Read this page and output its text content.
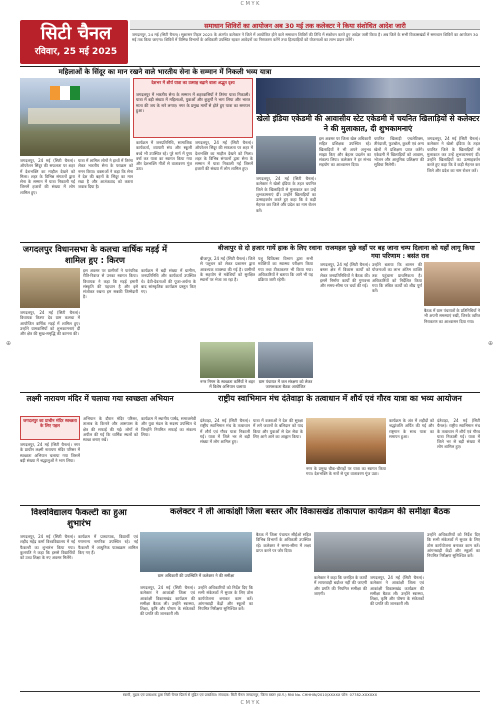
C M Y K
C M Y K
⊕
⊕
सिटी चैनल
रविवार, 25 मई 2025
समाधान शिविरों का आयोजन अब 30 मई तक कलेक्टर ने किया संशोधित आदेश जारी
जगदलपुर, 24 मई (सिटी चैनल)। सुशासन तिहार 2025 के अंतर्गत कलेक्टर ने जिले में आयोजित होने वाले समाधान शिविरों की तिथि में संशोधन करते हुए आदेश जारी किया है। अब जिले के सभी विकासखंडों में समाधान शिविरों का आयोजन 30 मई तक किया जाएगा। शिविरों में विभिन्न विभागों के अधिकारी उपस्थित रहकर आवेदनों का निराकरण करेंगे तथा हितग्राहियों को योजनाओं का लाभ प्रदान करेंगे।
महिलाओं के सिंदूर का मान रखने वाले भारतीय सेना के सम्मान में निकली भव्य यात्रा
देशभर में शौर्य यात्रा का उत्साह बढ़ाने वाला अद्भुत दृश्य
जगदलपुर में भारतीय सेना के सम्मान में शहरवासियों ने तिरंगा यात्रा निकाली। यात्रा में बड़ी संख्या में महिलाओं, युवाओं और बुजुर्गों ने भाग लिया और भारत माता की जय के नारे लगाए। नगर के प्रमुख मार्गों से होते हुए यात्रा का समापन हुआ।
जगदलपुर, 24 मई (सिटी चैनल)। ऑपरेशन सिंदूर की सफलता पर शहर में देशभक्ति का माहौल देखने को मिला। शहर के विभिन्न संगठनों द्वारा सेना के सम्मान में यात्रा निकाली गई जिसमें हजारों की संख्या में लोग शामिल हुए।
यात्रा में शामिल लोगों ने हाथों में तिरंगा लेकर भारतीय सेना के पराक्रम को नमन किया। वक्ताओं ने कहा कि सेना ने देश की बहनों के सिंदूर का मान रखा है और आतंकवाद को करारा जवाब दिया है।
कार्यक्रम में जनप्रतिनिधि, सामाजिक कार्यकर्ता, व्यापारी संघ और स्कूली बच्चे भी उपस्थित रहे। पूरे मार्ग में पुष्प वर्षा कर यात्रा का स्वागत किया गया और देशभक्ति गीतों से वातावरण गूंज उठा।
जगदलपुर, 24 मई (सिटी चैनल)। ऑपरेशन सिंदूर की सफलता पर शहर में देशभक्ति का माहौल देखने को मिला। शहर के विभिन्न संगठनों द्वारा सेना के सम्मान में यात्रा निकाली गई जिसमें हजारों की संख्या में लोग शामिल हुए।
खेलो इंडिया एकेडमी की आवासीय स्टेट एकेडमी में चयनित खिलाड़ियों से कलेक्टर ने की मुलाकात, दी शुभकामनाएं
जगदलपुर, 24 मई (सिटी चैनल)। कलेक्टर ने खेलो इंडिया के तहत चयनित जिले के खिलाड़ियों से मुलाकात कर उन्हें शुभकामनाएं दीं। उन्होंने खिलाड़ियों का उत्साहवर्धन करते हुए कहा कि वे कड़ी मेहनत कर जिले और प्रदेश का नाम रोशन करें।
इस अवसर पर जिला खेल अधिकारी सहित प्रशिक्षक उपस्थित रहे। खिलाड़ियों ने भी अपने अनुभव साझा किए और बेहतर प्रदर्शन का संकल्प लिया। कलेक्टर ने हर संभव सहयोग का आश्वासन दिया।
चयनित खिलाड़ी एथलेटिक्स, तीरंदाजी, फुटबॉल, कुश्ती एवं अन्य खेलों में प्रशिक्षण प्राप्त करेंगे। एकेडमी में खिलाड़ियों को आवास, भोजन और आधुनिक प्रशिक्षण की सुविधा मिलेगी।
जगदलपुर, 24 मई (सिटी चैनल)। कलेक्टर ने खेलो इंडिया के तहत चयनित जिले के खिलाड़ियों से मुलाकात कर उन्हें शुभकामनाएं दीं। उन्होंने खिलाड़ियों का उत्साहवर्धन करते हुए कहा कि वे कड़ी मेहनत कर जिले और प्रदेश का नाम रोशन करें।
जगदलपुर विधानसभा के कलचा वार्षिक मड़ई में शामिल हुए : किरण
जगदलपुर, 24 मई (सिटी चैनल)। विधायक किरण देव ग्राम कलचा में आयोजित वार्षिक मड़ई में शामिल हुए। उन्होंने ग्रामवासियों को शुभकामनाएं दीं और क्षेत्र की सुख-समृद्धि की कामना की।
इस अवसर पर ग्रामीणों ने पारंपरिक रीति-रिवाज से उनका स्वागत किया। विधायक ने कहा कि मड़ई हमारी संस्कृति की पहचान है और इसे संजोकर रखना हम सबकी जिम्मेदारी है।
कार्यक्रम में बड़ी संख्या में ग्रामीण, जनप्रतिनिधि और कार्यकर्ता उपस्थित थे। देवी-देवताओं की पूजा-अर्चना के बाद सांस्कृतिक कार्यक्रम प्रस्तुत किए गए।
बीजापुर से दो हजार गायें हाक के लिए रवाना
बीजापुर, 24 मई (सिटी चैनल)। जिले से पशुधन को लेकर प्रशासन द्वारा आवश्यक व्यवस्था की गई है। ग्रामीणों के सहयोग से मवेशियों को सुरक्षित स्थानों पर भेजा जा रहा है।
पशु चिकित्सा विभाग द्वारा सभी मवेशियों का स्वास्थ्य परीक्षण किया गया तथा टीकाकरण भी किया गया। अधिकारियों ने बताया कि आगे भी यह प्रक्रिया जारी रहेगी।
नगर निगम के स्वच्छता कर्मियों ने शहर में विशेष अभियान चलाया
ग्राम पंचायत में जल संरक्षण को लेकर जागरूकता बैठक आयोजित
राजमहल पूछे वहाँ पर बह जाना चम्प दिलाना को यहाँ लागू किया गया परिणाम : बसंत राव
जगदलपुर, 24 मई (सिटी चैनल)। बस्तर क्षेत्र में विकास कार्यों को लेकर जनप्रतिनिधियों ने बैठक की। इसमें निर्माण कार्यों की गुणवत्ता और समय-सीमा पर चर्चा की गई।
उन्होंने बताया कि शासन की योजनाओं का लाभ अंतिम व्यक्ति तक पहुंचाना प्राथमिकता है। अधिकारियों को निर्देशित किया गया कि लंबित कार्यों को शीघ्र पूर्ण करें।
बैठक में ग्राम पंचायतों के प्रतिनिधियों ने भी अपनी समस्याएं रखीं, जिनके त्वरित निराकरण का आश्वासन दिया गया।
लक्ष्मी नारायण मंदिर में चलाया गया स्वच्छता अभियान
जगदलपुर का प्राचीन मंदिर स्वच्छता के लिए पहल
जगदलपुर, 24 मई (सिटी चैनल)। नगर के प्राचीन लक्ष्मी नारायण मंदिर परिसर में स्वच्छता अभियान चलाया गया जिसमें बड़ी संख्या में श्रद्धालुओं ने भाग लिया।
अभियान के दौरान मंदिर परिसर, तालाब के किनारे और आसपास के क्षेत्र की सफाई की गई। लोगों से अपील की गई कि धार्मिक स्थलों को स्वच्छ बनाए रखें।
कार्यक्रम में स्थानीय पार्षद, समाजसेवी और युवा मंडल के सदस्य उपस्थित थे जिन्होंने नियमित सफाई का संकल्प लिया।
राष्ट्रीय स्वाभिमान मंच दंतेवाड़ा के तत्वाधान में शौर्य एवं गौरव यात्रा का भव्य आयोजन
दंतेवाड़ा, 24 मई (सिटी चैनल)। राष्ट्रीय स्वाभिमान मंच के तत्वाधान में शौर्य एवं गौरव यात्रा निकाली गई। यात्रा में जिले भर से बड़ी संख्या में लोग शामिल हुए।
यात्रा में वक्ताओं ने देश की सुरक्षा में लगे जवानों के बलिदान को याद किया और युवाओं से देश सेवा के लिए आगे आने का आह्वान किया।
नगर के प्रमुख चौक-चौराहों पर यात्रा का स्वागत किया गया। देशभक्ति के नारों से पूरा वातावरण गूंज उठा।
कार्यक्रम के अंत में शहीदों को श्रद्धांजलि अर्पित की गई और राष्ट्रगान के साथ यात्रा का समापन हुआ।
दंतेवाड़ा, 24 मई (सिटी चैनल)। राष्ट्रीय स्वाभिमान मंच के तत्वाधान में शौर्य एवं गौरव यात्रा निकाली गई। यात्रा में जिले भर से बड़ी संख्या में लोग शामिल हुए।
विश्वविद्यालय फैकल्टी का हुआ शुभारंभ
जगदलपुर, 24 मई (सिटी चैनल)। शहीद महेंद्र कर्मा विश्वविद्यालय में नई फैकल्टी का शुभारंभ किया गया। कुलपति ने कहा कि इससे विद्यार्थियों को उच्च शिक्षा के नए अवसर मिलेंगे।
कार्यक्रम में प्राध्यापक, विद्यार्थी एवं गणमान्य नागरिक उपस्थित रहे। नई फैकल्टी में आधुनिक पाठ्यक्रम शामिल किए गए हैं।
कलेक्टर ने ली आकांक्षी जिला बस्तर और विकासखंड तोकापाल कार्यक्रम की समीक्षा बैठक
ग्राम अधिकारी की उपस्थिति में कलेक्टर ने की समीक्षा
जगदलपुर, 24 मई (सिटी चैनल)। कलेक्टर ने आकांक्षी जिला एवं आकांक्षी विकासखंड कार्यक्रम की समीक्षा बैठक ली। उन्होंने स्वास्थ्य, शिक्षा, कृषि और पोषण के संकेतकों की प्रगति की जानकारी ली।
उन्होंने अधिकारियों को निर्देश दिए कि सभी संकेतकों में सुधार के लिए ठोस कार्ययोजना बनाकर काम करें। आंगनबाड़ी केंद्रों और स्कूलों का नियमित निरीक्षण सुनिश्चित करें।
बैठक में जिला पंचायत सीईओ सहित विभिन्न विभागों के अधिकारी उपस्थित रहे। कलेक्टर ने समय-सीमा में लक्ष्य प्राप्त करने पर जोर दिया।
कलेक्टर ने कहा कि जनहित के कार्यों में लापरवाही बर्दाश्त नहीं की जाएगी और प्रगति की नियमित समीक्षा की जाएगी।
जगदलपुर, 24 मई (सिटी चैनल)। कलेक्टर ने आकांक्षी जिला एवं आकांक्षी विकासखंड कार्यक्रम की समीक्षा बैठक ली। उन्होंने स्वास्थ्य, शिक्षा, कृषि और पोषण के संकेतकों की प्रगति की जानकारी ली।
उन्होंने अधिकारियों को निर्देश दिए कि सभी संकेतकों में सुधार के लिए ठोस कार्ययोजना बनाकर काम करें। आंगनबाड़ी केंद्रों और स्कूलों का नियमित निरीक्षण सुनिश्चित करें।
स्वामी, मुद्रक एवं प्रकाशक द्वारा सिटी चैनल प्रिंटर्स से मुद्रित एवं प्रकाशित। संपादक: सिटी चैनल जगदलपुर, जिला बस्तर (छ.ग.) RNI No. CHHHIN/2010/XXXXX फोन: 07782-XXXXXX
